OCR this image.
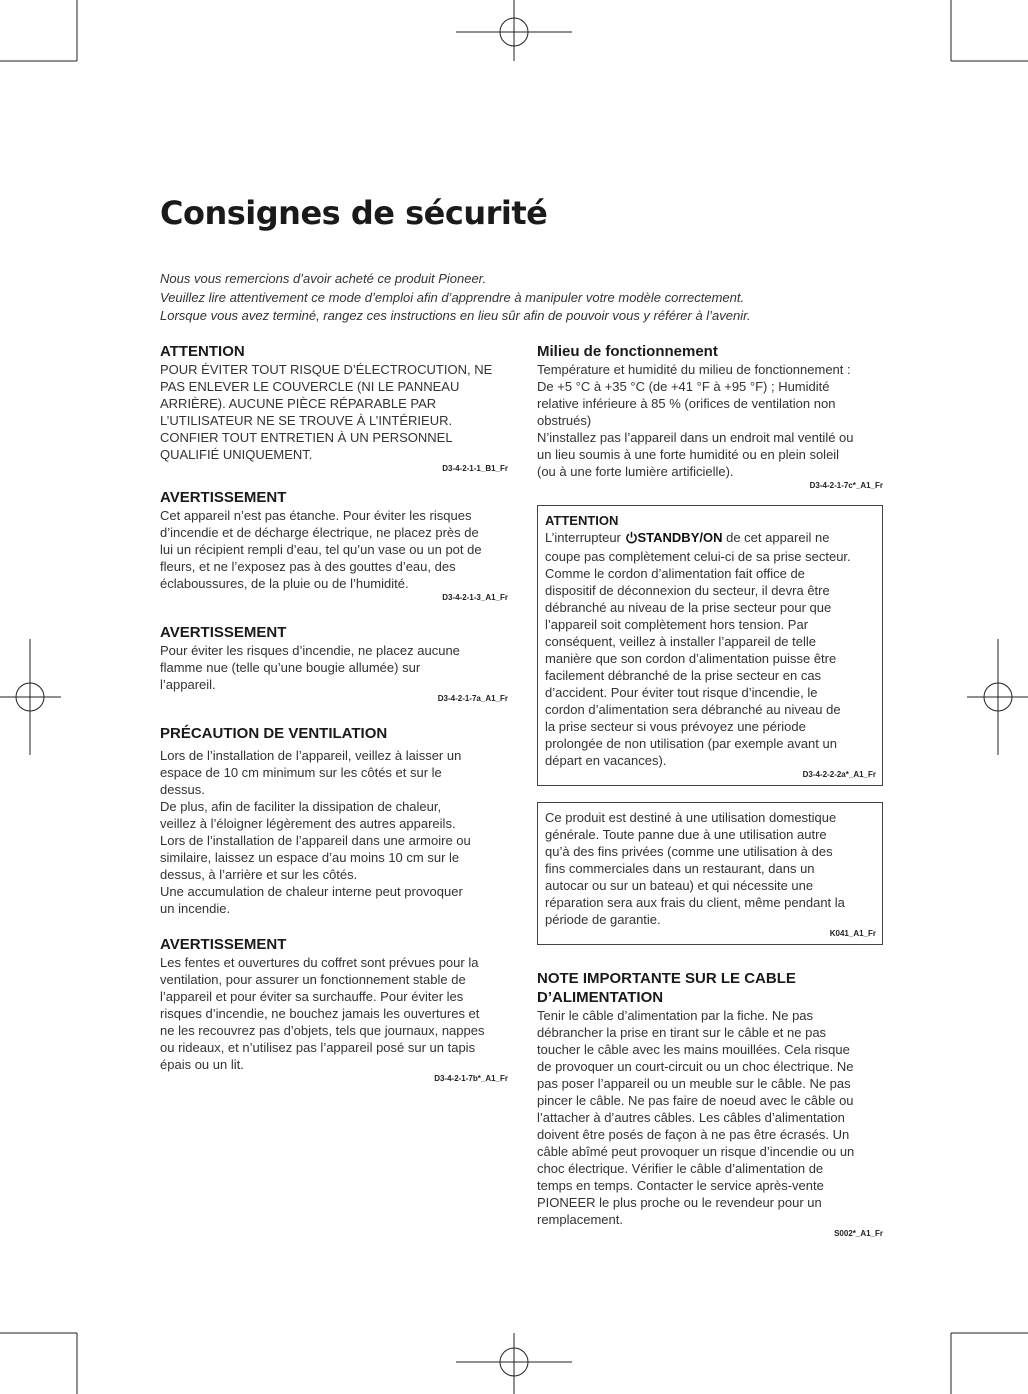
Consignes de sécurité
Nous vous remercions d’avoir acheté ce produit Pioneer.
Veuillez lire attentivement ce mode d’emploi afin d’apprendre à manipuler votre modèle correctement.
Lorsque vous avez terminé, rangez ces instructions en lieu sûr afin de pouvoir vous y référer à l’avenir.
ATTENTION

POUR ÉVITER TOUT RISQUE D’ÉLECTROCUTION, NE
PAS ENLEVER LE COUVERCLE (NI LE PANNEAU
ARRIÈRE). AUCUNE PIÈCE RÉPARABLE PAR
L’UTILISATEUR NE SE TROUVE À L’INTÉRIEUR.
CONFIER TOUT ENTRETIEN À UN PERSONNEL
QUALIFIÉ UNIQUEMENT.

D3-4-2-1-1_B1_Fr
AVERTISSEMENT

Cet appareil n’est pas étanche. Pour éviter les risques
d’incendie et de décharge électrique, ne placez près de
lui un récipient rempli d’eau, tel qu’un vase ou un pot de
fleurs, et ne l’exposez pas à des gouttes d’eau, des
éclaboussures, de la pluie ou de l’humidité.

D3-4-2-1-3_A1_Fr
AVERTISSEMENT

Pour éviter les risques d’incendie, ne placez aucune
flamme nue (telle qu’une bougie allumée) sur
l’appareil.

D3-4-2-1-7a_A1_Fr
PRÉCAUTION DE VENTILATION

Lors de l’installation de l’appareil, veillez à laisser un
espace de 10 cm minimum sur les côtés et sur le
dessus.
De plus, afin de faciliter la dissipation de chaleur,
veillez à l’éloigner légèrement des autres appareils.
Lors de l’installation de l’appareil dans une armoire ou
similaire, laissez un espace d’au moins 10 cm sur le
dessus, à l’arrière et sur les côtés.
Une accumulation de chaleur interne peut provoquer
un incendie.

AVERTISSEMENT

Les fentes et ouvertures du coffret sont prévues pour la
ventilation, pour assurer un fonctionnement stable de
l’appareil et pour éviter sa surchauffe. Pour éviter les
risques d’incendie, ne bouchez jamais les ouvertures et
ne les recouvrez pas d’objets, tels que journaux, nappes
ou rideaux, et n’utilisez pas l’appareil posé sur un tapis
épais ou un lit.

D3-4-2-1-7b*_A1_Fr
Milieu de fonctionnement

Température et humidité du milieu de fonctionnement :
De +5 °C à +35 °C (de +41 °F à +95 °F) ; Humidité
relative inférieure à 85 % (orifices de ventilation non
obstrués)
N’installez pas l’appareil dans un endroit mal ventilé ou
un lieu soumis à une forte humidité ou en plein soleil
(ou à une forte lumière artificielle).

D3-4-2-1-7c*_A1_Fr
ATTENTION

L’interrupteur STANDBY/ON de cet appareil ne
coupe pas complètement celui-ci de sa prise secteur.
Comme le cordon d’alimentation fait office de
dispositif de déconnexion du secteur, il devra être
débranché au niveau de la prise secteur pour que
l’appareil soit complètement hors tension. Par
conséquent, veillez à installer l’appareil de telle
manière que son cordon d’alimentation puisse être
facilement débranché de la prise secteur en cas
d’accident. Pour éviter tout risque d’incendie, le
cordon d’alimentation sera débranché au niveau de
la prise secteur si vous prévoyez une période
prolongée de non utilisation (par exemple avant un
départ en vacances).

D3-4-2-2-2a*_A1_Fr

Ce produit est destiné à une utilisation domestique
générale. Toute panne due à une utilisation autre
qu’à des fins privées (comme une utilisation à des
fins commerciales dans un restaurant, dans un
autocar ou sur un bateau) et qui nécessite une
réparation sera aux frais du client, même pendant la
période de garantie.

K041_A1_Fr
NOTE IMPORTANTE SUR LE CABLE
D’ALIMENTATION

Tenir le câble d’alimentation par la fiche. Ne pas
débrancher la prise en tirant sur le câble et ne pas
toucher le câble avec les mains mouillées. Cela risque
de provoquer un court-circuit ou un choc électrique. Ne
pas poser l’appareil ou un meuble sur le câble. Ne pas
pincer le câble. Ne pas faire de noeud avec le câble ou
l’attacher à d’autres câbles. Les câbles d’alimentation
doivent être posés de façon à ne pas être écrasés. Un
câble abîmé peut provoquer un risque d’incendie ou un
choc électrique. Vérifier le câble d’alimentation de
temps en temps. Contacter le service après-vente
PIONEER le plus proche ou le revendeur pour un
remplacement.

S002*_A1_Fr
